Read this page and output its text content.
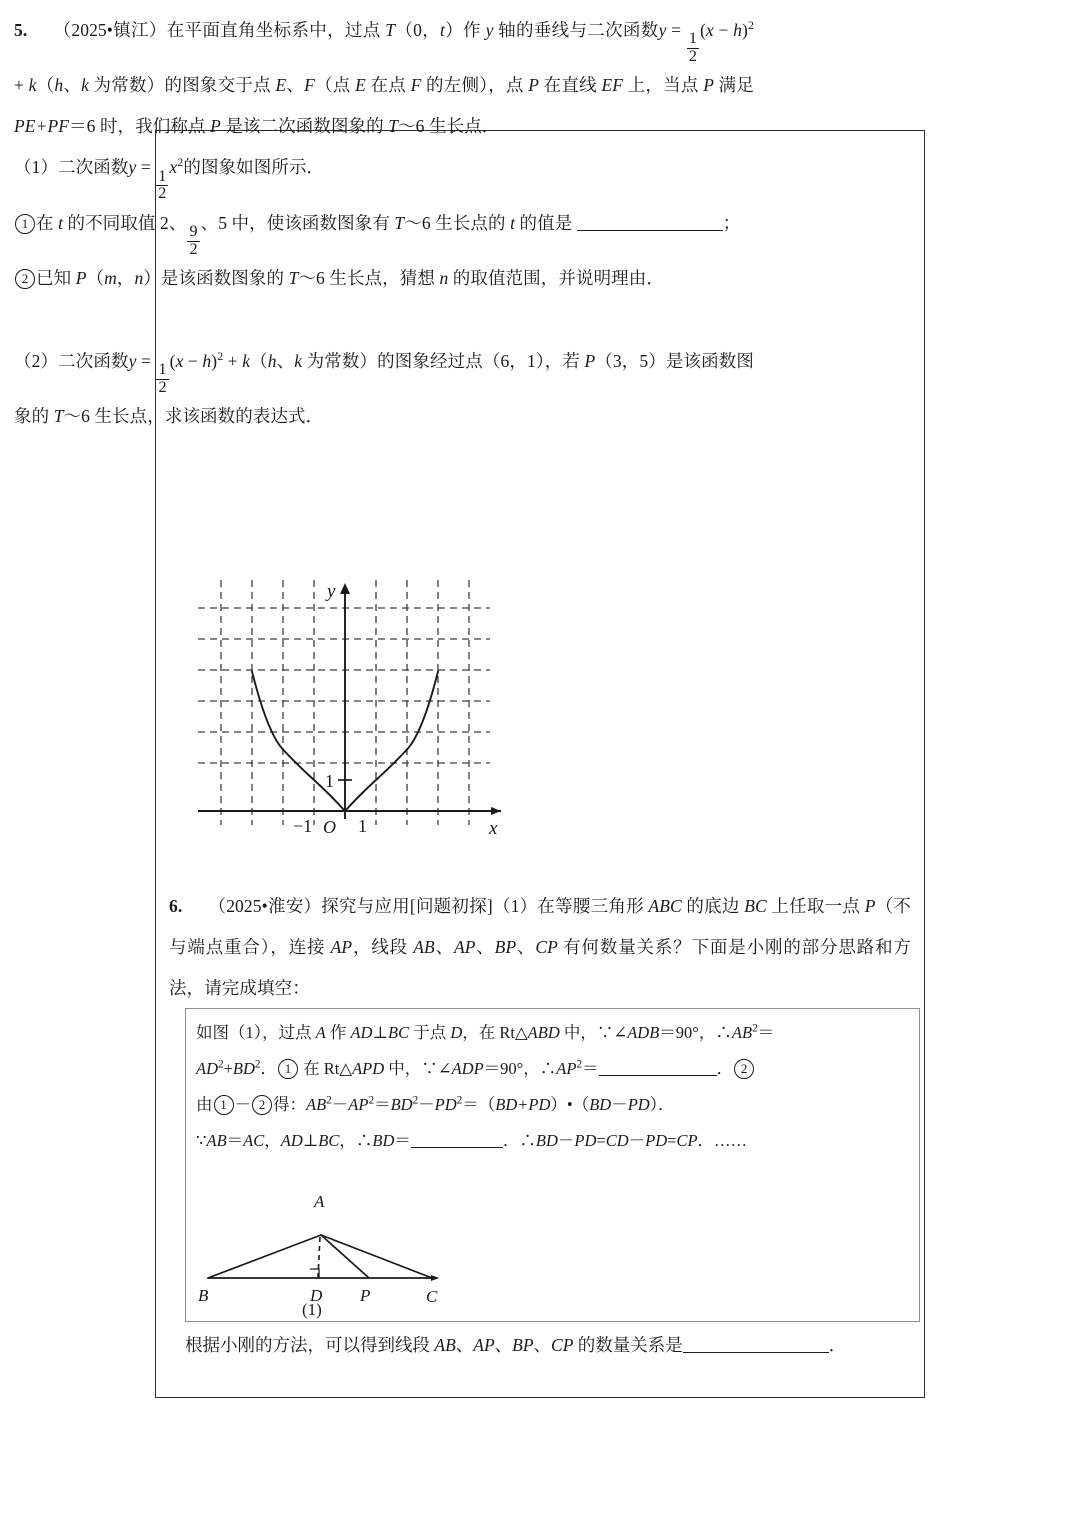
5. （2025•镇江）在平面直角坐标系中，过点 T（0，t）作 y 轴的垂线与二次函数y =
$\frac{1}{2}$
$(x - h)^2 + k(h$、k 为常数）的图象交于点 E、F（点 E 在点 F 的左侧），点 P 在直线 EF 上，当点 P 满足 PE+PF＝6 时，我们称点 P 是该二次函数图象的 T～6 生长点．
（1）二次函数y =
$\frac{1}{2}$
$x^2$的图象如图所示．
1 在 t 的不同取值 2、
$\frac{9}{2}$
、5 中，使该函数图象有 T～6 生长点的 t 的值是	；
2 已知 P（m，n）是该函数图象的 T～6 生长点，猜想 n 的取值范围，并说明理由．

（2）二次函数y =
$\frac{1}{2}$
$(x - h)^2 + k(h$、k 为常数）的图象经过点（6，1），若 P（3，5）是该函数图象的 T～6 生长点，求该函数的表达式．
y
x
−1 O 1
1
6. （2025•淮安）探究与应用[问题初探]（1）在等腰三角形 ABC 的底边 BC 上任取一点 P（不与端点重合），连接 AP，线段 AB、AP、BP、CP 有何数量关系？下面是小刚的部分思路和方法，请完成填空：
如图（1），过点 A 作 AD⊥BC 于点 D，在 Rt△ABD 中，∵∠ADB＝90°，$\therefore AB^2=$
$AD^2+BD^2$． 1 在 Rt△APD 中，∵∠ADP＝90°，$\therefore AP^2=$	． 2
由 1 － 2 得：$AB^2-AP^2=BD^2-PD^2=(BD+PD)•(BD-PD)$．
∵AB＝AC，AD⊥BC，∴BD＝	．∴BD－PD=CD－PD=CP．……
A
B	D P	C
(1)
根据小刚的方法，可以得到线段 AB、AP、BP、CP 的数量关系是	．
